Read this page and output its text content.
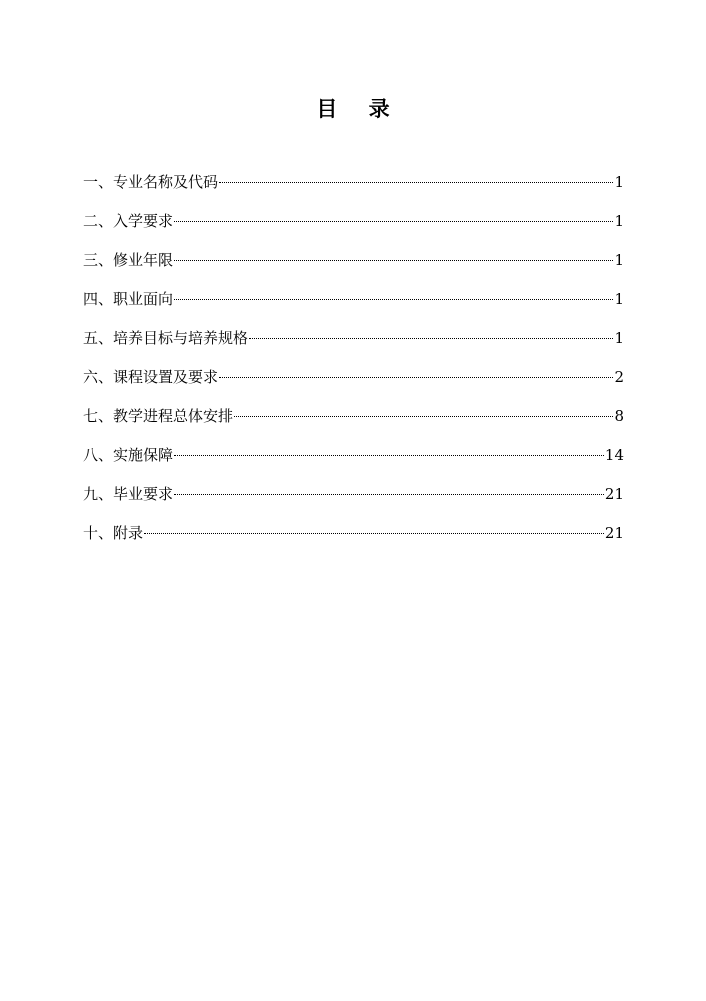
目 录
一、专业名称及代码	1
二、入学要求	1
三、修业年限	1
四、职业面向	1
五、培养目标与培养规格	1
六、课程设置及要求	2
七、教学进程总体安排	8
八、实施保障	14
九、毕业要求	21
十、附录	21
